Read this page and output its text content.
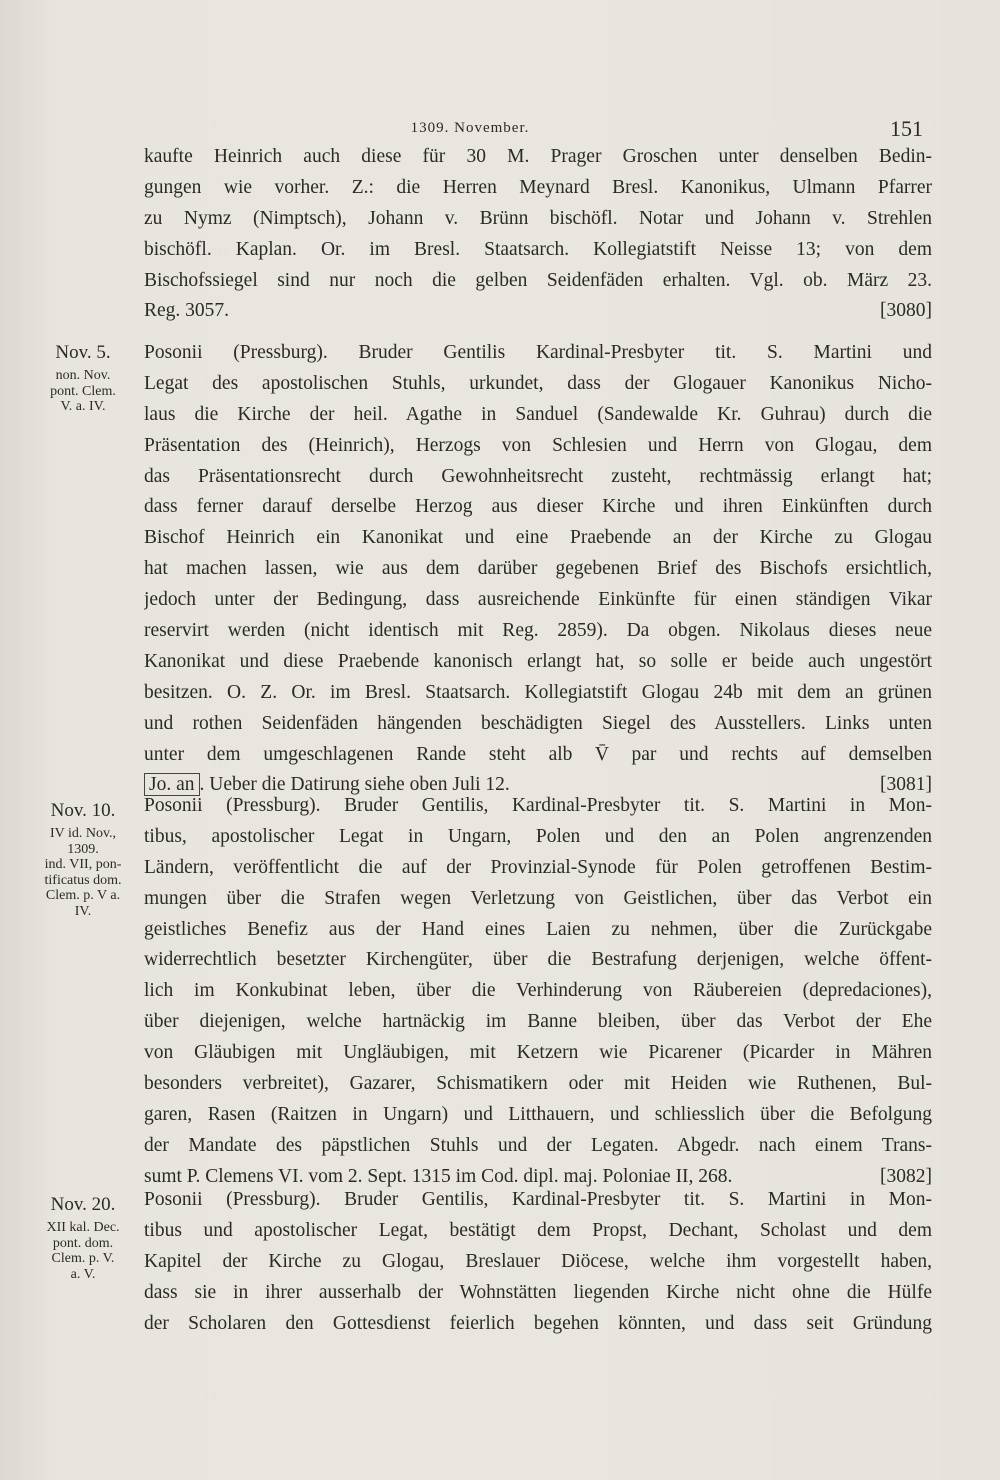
1309. November.	151
kaufte Heinrich auch diese für 30 M. Prager Groschen unter denselben Bedin-
gungen wie vorher. Z.: die Herren Meynard Bresl. Kanonikus, Ulmann Pfarrer
zu Nymz (Nimptsch), Johann v. Brünn bischöfl. Notar und Johann v. Strehlen
bischöfl. Kaplan. Or. im Bresl. Staatsarch. Kollegiatstift Neisse 13; von dem
Bischofssiegel sind nur noch die gelben Seidenfäden erhalten. Vgl. ob. März 23.
Reg. 3057.	[3080]
Nov. 5.
non. Nov.
pont. Clem.
V. a. IV.
Posonii (Pressburg). Bruder Gentilis Kardinal-Presbyter tit. S. Martini und
Legat des apostolischen Stuhls, urkundet, dass der Glogauer Kanonikus Nicho-
laus die Kirche der heil. Agathe in Sanduel (Sandewalde Kr. Guhrau) durch die
Präsentation des (Heinrich), Herzogs von Schlesien und Herrn von Glogau, dem
das Präsentationsrecht durch Gewohnheitsrecht zusteht, rechtmässig erlangt hat;
dass ferner darauf derselbe Herzog aus dieser Kirche und ihren Einkünften durch
Bischof Heinrich ein Kanonikat und eine Praebende an der Kirche zu Glogau
hat machen lassen, wie aus dem darüber gegebenen Brief des Bischofs ersichtlich,
jedoch unter der Bedingung, dass ausreichende Einkünfte für einen ständigen Vikar
reservirt werden (nicht identisch mit Reg. 2859). Da obgen. Nikolaus dieses neue
Kanonikat und diese Praebende kanonisch erlangt hat, so solle er beide auch ungestört
besitzen. O. Z. Or. im Bresl. Staatsarch. Kollegiatstift Glogau 24b mit dem an grünen
und rothen Seidenfäden hängenden beschädigten Siegel des Ausstellers. Links unten
unter dem umgeschlagenen Rande steht alb V̄ par und rechts auf demselben
Jo. an . Ueber die Datirung siehe oben Juli 12.	[3081]
Nov. 10.
IV id. Nov.,
1309.
ind. VII, pon-
tificatus dom.
Clem. p. V a.
IV.
Posonii (Pressburg). Bruder Gentilis, Kardinal-Presbyter tit. S. Martini in Mon-
tibus, apostolischer Legat in Ungarn, Polen und den an Polen angrenzenden
Ländern, veröffentlicht die auf der Provinzial-Synode für Polen getroffenen Bestim-
mungen über die Strafen wegen Verletzung von Geistlichen, über das Verbot ein
geistliches Benefiz aus der Hand eines Laien zu nehmen, über die Zurückgabe
widerrechtlich besetzter Kirchengüter, über die Bestrafung derjenigen, welche öffent-
lich im Konkubinat leben, über die Verhinderung von Räubereien (depredaciones),
über diejenigen, welche hartnäckig im Banne bleiben, über das Verbot der Ehe
von Gläubigen mit Ungläubigen, mit Ketzern wie Picarener (Picarder in Mähren
besonders verbreitet), Gazarer, Schismatikern oder mit Heiden wie Ruthenen, Bul-
garen, Rasen (Raitzen in Ungarn) und Litthauern, und schliesslich über die Befolgung
der Mandate des päpstlichen Stuhls und der Legaten. Abgedr. nach einem Trans-
sumt P. Clemens VI. vom 2. Sept. 1315 im Cod. dipl. maj. Poloniae II, 268.	[3082]
Nov. 20.
XII kal. Dec.
pont. dom.
Clem. p. V.
a. V.
Posonii (Pressburg). Bruder Gentilis, Kardinal-Presbyter tit. S. Martini in Mon-
tibus und apostolischer Legat, bestätigt dem Propst, Dechant, Scholast und dem
Kapitel der Kirche zu Glogau, Breslauer Diöcese, welche ihm vorgestellt haben,
dass sie in ihrer ausserhalb der Wohnstätten liegenden Kirche nicht ohne die Hülfe
der Scholaren den Gottesdienst feierlich begehen könnten, und dass seit Gründung
